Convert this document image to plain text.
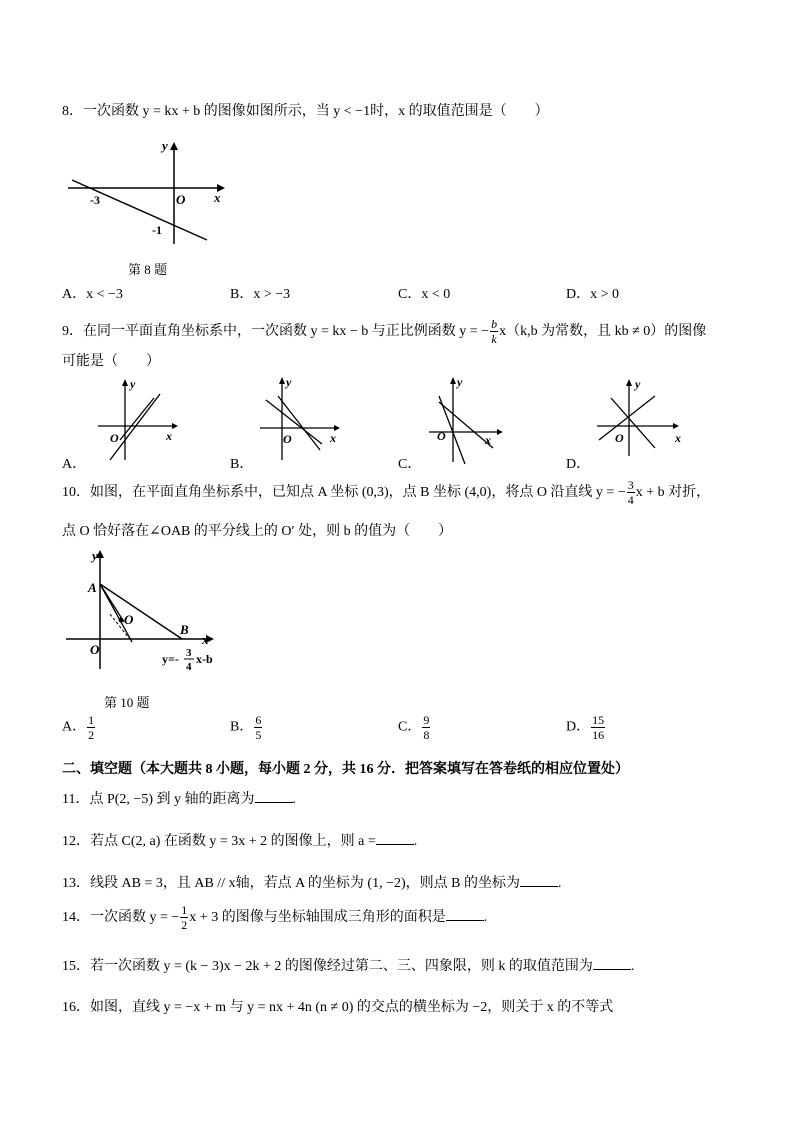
8．一次函数 y = kx + b 的图像如图所示，当 y < −1时，x 的取值范围是（　　）
y
x
O
-3
-1
第 8 题
A．x < −3	B．x > −3	C．x < 0	D．x > 0
9．在同一平面直角坐标系中，一次函数 y = kx − b 与正比例函数 y = − $\frac{b}{k} x(k,b$ 为常数，且 kb ≠ 0）的图像
可能是（　　）
y
x
O
A．
y
x
O
B．
y
x
O
C．
y
x
O
D．
10．如图，在平面直角坐标系中，已知点 A 坐标 (0,3)，点 B 坐标 (4,0)，将点 O 沿直线 y = − $\frac{3}{4}$ x + b 对折，
点 O 恰好落在∠OAB 的平分线上的 O′ 处，则 b 的值为（　　）
y
x
A
B
O
O
y=- 3
4
x-b
第 10 题
A． $\frac{1}{2}$	B． $\frac{6}{5}$	C． $\frac{9}{8}$	D． $\frac{15}{16}$
二、填空题（本大题共 8 小题，每小题 2 分，共 16 分．把答案填写在答卷纸的相应位置处）
11．点 P(2, −5) 到 y 轴的距离为	.
12．若点 C(2, a) 在函数 y = 3x + 2 的图像上，则 a =	.
13．线段 AB = 3，且 AB // x轴，若点 A 的坐标为 (1, −2)，则点 B 的坐标为	.
14．一次函数 y = − $\frac{1}{2}$ x + 3 的图像与坐标轴围成三角形的面积是	.
15．若一次函数 y = (k − 3)x − 2k + 2 的图像经过第二、三、四象限，则 k 的取值范围为	.
16．如图，直线 y = −x + m 与 y = nx + 4n (n ≠ 0) 的交点的横坐标为 −2，则关于 x 的不等式
